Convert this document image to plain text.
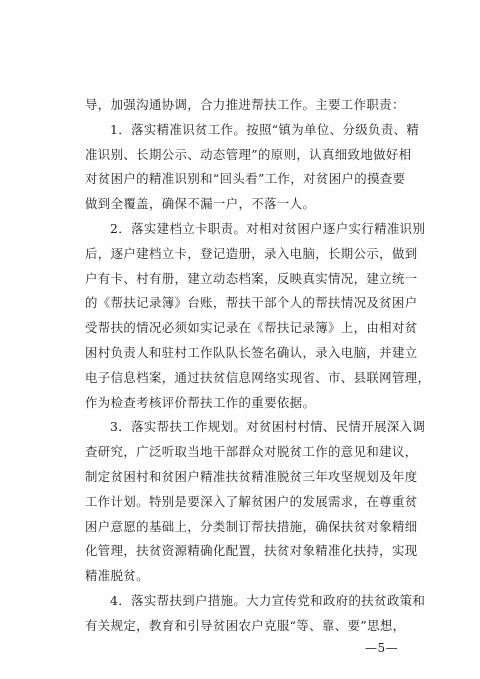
导，加强沟通协调，合力推进帮扶工作。主要工作职责：
1．落实精准识贫工作。按照“镇为单位、分级负责、精
准识别、长期公示、动态管理”的原则，认真细致地做好相
对贫困户的精准识别和“回头看”工作，对贫困户的摸查要
做到全覆盖，确保不漏一户，不落一人。
2．落实建档立卡职责。对相对贫困户逐户实行精准识别
后，逐户建档立卡，登记造册，录入电脑，长期公示，做到
户有卡、村有册，建立动态档案，反映真实情况，建立统一
的《帮扶记录簿》台账，帮扶干部个人的帮扶情况及贫困户
受帮扶的情况必须如实记录在《帮扶记录簿》上，由相对贫
困村负责人和驻村工作队队长签名确认，录入电脑，并建立
电子信息档案，通过扶贫信息网络实现省、市、县联网管理，
作为检查考核评价帮扶工作的重要依据。
3．落实帮扶工作规划。对贫困村村情、民情开展深入调
查研究，广泛听取当地干部群众对脱贫工作的意见和建议，
制定贫困村和贫困户精准扶贫精准脱贫三年攻坚规划及年度
工作计划。特别是要深入了解贫困户的发展需求，在尊重贫
困户意愿的基础上，分类制订帮扶措施，确保扶贫对象精细
化管理，扶贫资源精确化配置，扶贫对象精准化扶持，实现
精准脱贫。
4．落实帮扶到户措施。大力宣传党和政府的扶贫政策和
有关规定，教育和引导贫困农户克服“等、靠、要”思想，
—5—
